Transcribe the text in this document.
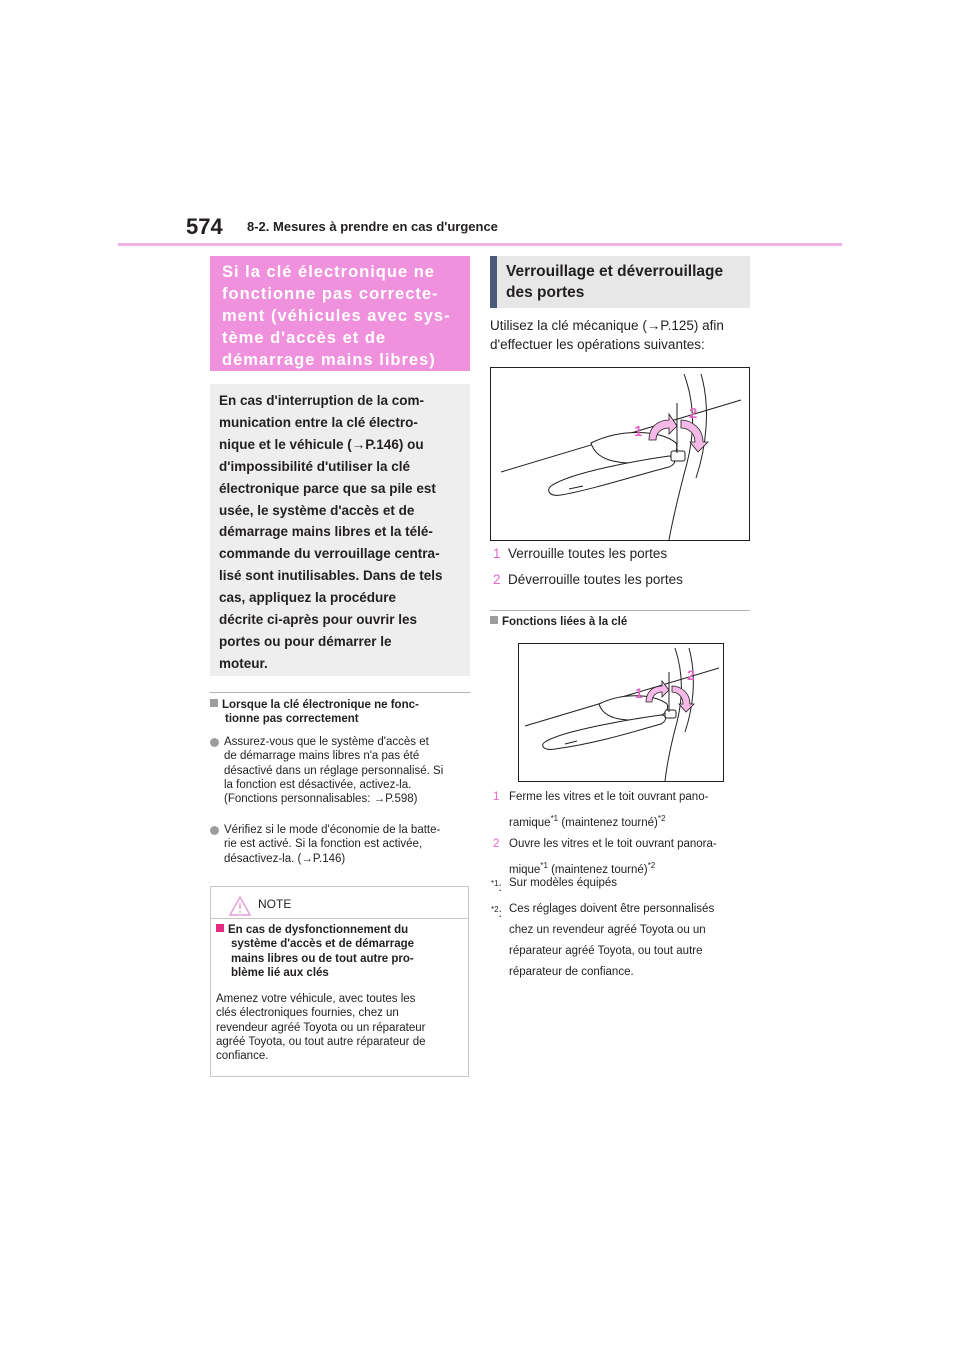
574 8-2. Mesures à prendre en cas d'urgence
Si la clé électronique ne
fonctionne pas correcte-
ment (véhicules avec sys-
tème d'accès et de
démarrage mains libres)
En cas d'interruption de la com-
munication entre la clé électro-
nique et le véhicule (→P.146) ou
d'impossibilité d'utiliser la clé
électronique parce que sa pile est
usée, le système d'accès et de
démarrage mains libres et la télé-
commande du verrouillage centra-
lisé sont inutilisables. Dans de tels
cas, appliquez la procédure
décrite ci-après pour ouvrir les
portes ou pour démarrer le
moteur.
Lorsque la clé électronique ne fonc-
tionne pas correctement
Assurez-vous que le système d'accès et
de démarrage mains libres n'a pas été
désactivé dans un réglage personnalisé. Si
la fonction est désactivée, activez-la.
(Fonctions personnalisables: →P.598)
Vérifiez si le mode d'économie de la batte-
rie est activé. Si la fonction est activée,
désactivez-la. (→P.146)
NOTE
En cas de dysfonctionnement du
système d'accès et de démarrage
mains libres ou de tout autre pro-
blème lié aux clés
Amenez votre véhicule, avec toutes les
clés électroniques fournies, chez un
revendeur agréé Toyota ou un réparateur
agréé Toyota, ou tout autre réparateur de
confiance.
Verrouillage et déverrouillage
des portes
Utilisez la clé mécanique (→P.125) afin
d'effectuer les opérations suivantes:
1
2
1 Verrouille toutes les portes
2 Déverrouille toutes les portes
Fonctions liées à la clé
1
2
1 Ferme les vitres et le toit ouvrant pano-
ramique$^{*1}$ (maintenez tourné)$^{*2}$
2 Ouvre les vitres et le toit ouvrant panora-
mique$^{*1}$ (maintenez tourné)$^{*2}$
$^{*1}$: Sur modèles équipés
$^{*2}$: Ces réglages doivent être personnalisés
chez un revendeur agréé Toyota ou un
réparateur agréé Toyota, ou tout autre
réparateur de confiance.
